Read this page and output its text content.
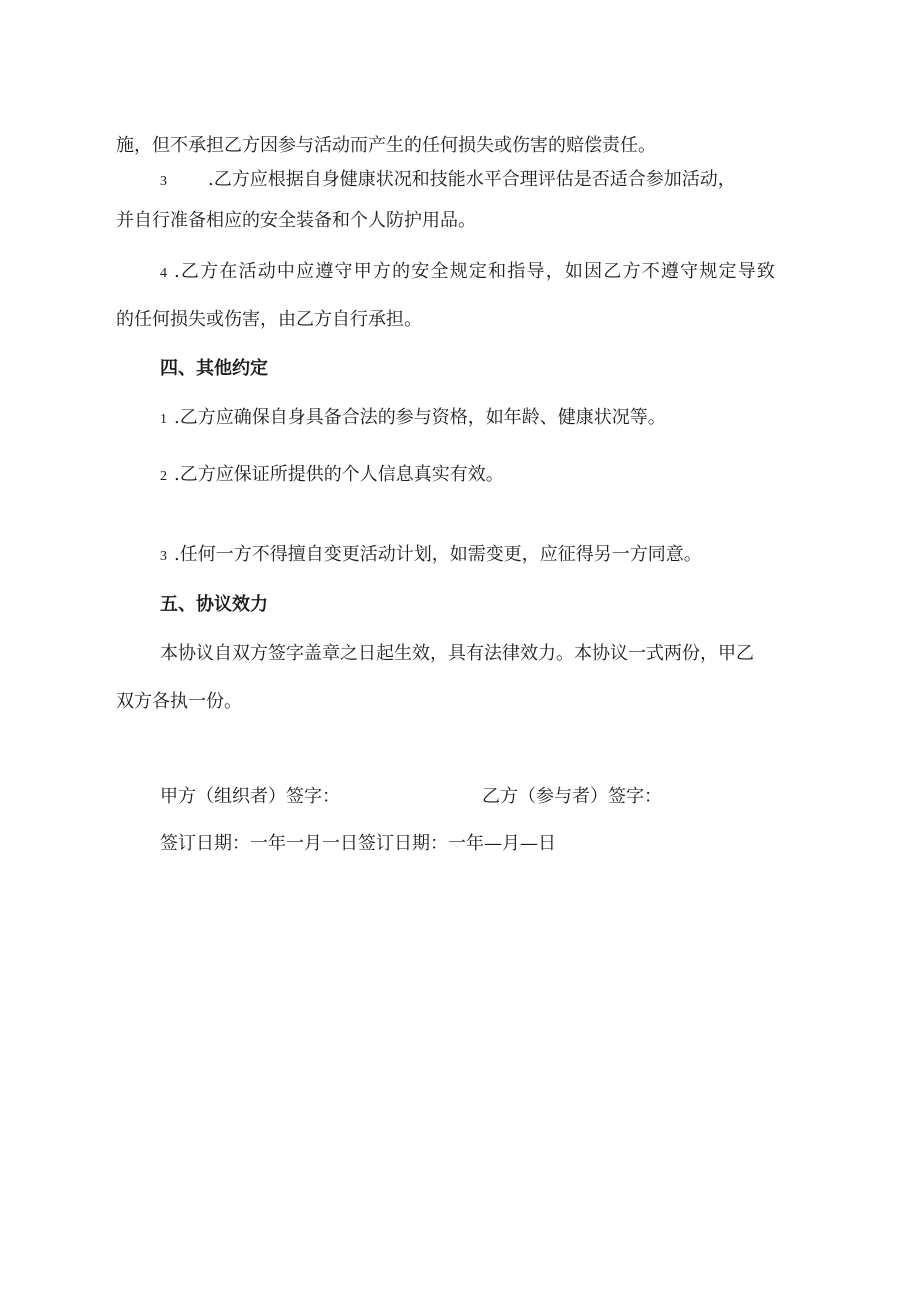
施，但不承担乙方因参与活动而产生的任何损失或伤害的赔偿责任。
3 .乙方应根据自身健康状况和技能水平合理评估是否适合参加活动，
并自行准备相应的安全装备和个人防护用品。
4 .乙方在活动中应遵守甲方的安全规定和指导，如因乙方不遵守规定导致
的任何损失或伤害，由乙方自行承担。
四、其他约定
1 .乙方应确保自身具备合法的参与资格，如年龄、健康状况等。
2 .乙方应保证所提供的个人信息真实有效。
3 .任何一方不得擅自变更活动计划，如需变更，应征得另一方同意。
五、协议效力
本协议自双方签字盖章之日起生效，具有法律效力。本协议一式两份，甲乙
双方各执一份。
甲方（组织者）签字：	乙方（参与者）签字：
签订日期：一年一月一日签订日期：一年—月—日
